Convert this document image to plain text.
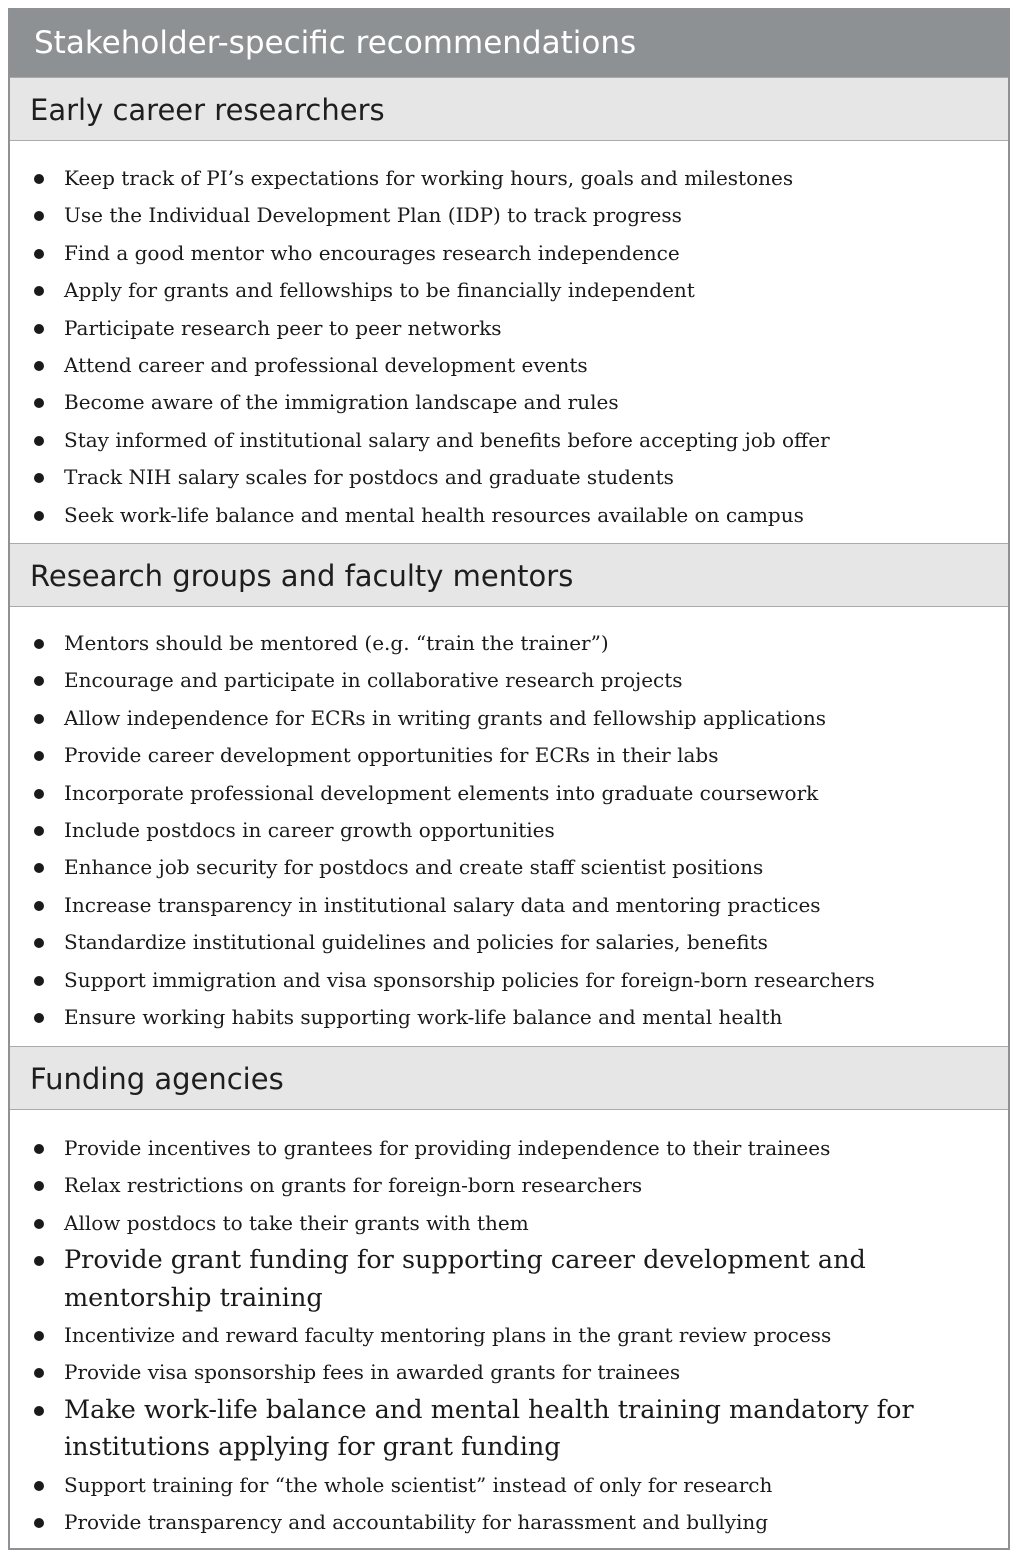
Stakeholder-specific recommendations
Early career researchers
Keep track of PI’s expectations for working hours, goals and milestones
Use the Individual Development Plan (IDP) to track progress
Find a good mentor who encourages research independence
Apply for grants and fellowships to be financially independent
Participate research peer to peer networks
Attend career and professional development events
Become aware of the immigration landscape and rules
Stay informed of institutional salary and benefits before accepting job offer
Track NIH salary scales for postdocs and graduate students
Seek work-life balance and mental health resources available on campus
Research groups and faculty mentors
Mentors should be mentored (e.g. “train the trainer”)
Encourage and participate in collaborative research projects
Allow independence for ECRs in writing grants and fellowship applications
Provide career development opportunities for ECRs in their labs
Incorporate professional development elements into graduate coursework
Include postdocs in career growth opportunities
Enhance job security for postdocs and create staff scientist positions
Increase transparency in institutional salary data and mentoring practices
Standardize institutional guidelines and policies for salaries, benefits
Support immigration and visa sponsorship policies for foreign-born researchers
Ensure working habits supporting work-life balance and mental health
Funding agencies
Provide incentives to grantees for providing independence to their trainees
Relax restrictions on grants for foreign-born researchers
Allow postdocs to take their grants with them
Provide grant funding for supporting career development and mentorship training
Incentivize and reward faculty mentoring plans in the grant review process
Provide visa sponsorship fees in awarded grants for trainees
Make work-life balance and mental health training mandatory for institutions applying for grant funding
Support training for “the whole scientist” instead of only for research
Provide transparency and accountability for harassment and bullying
